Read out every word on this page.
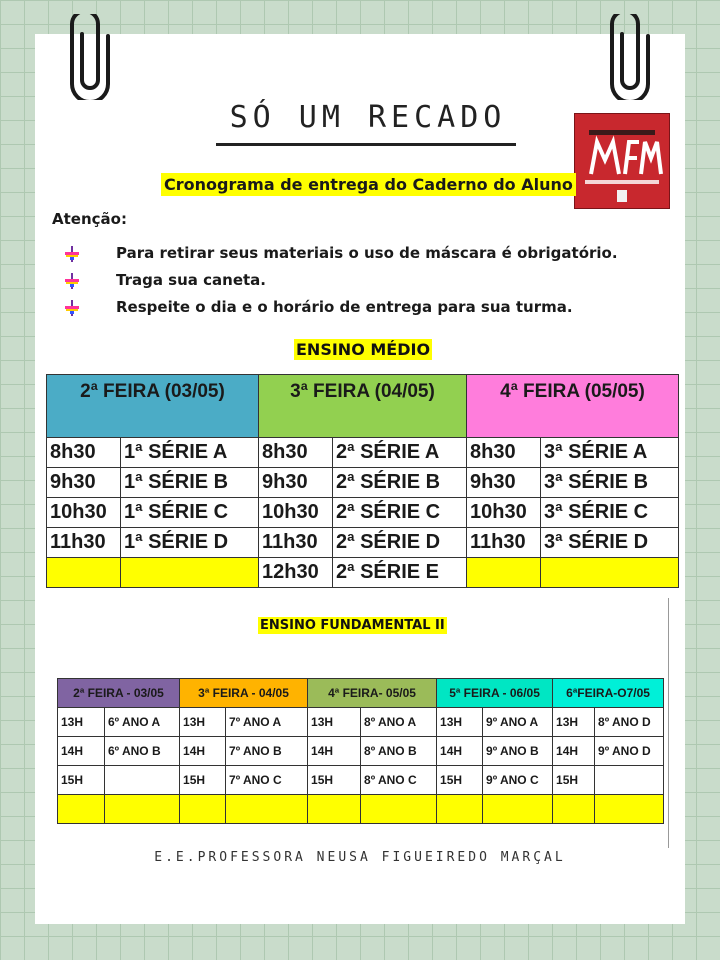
SÓ UM RECADO
Cronograma de entrega do Caderno do Aluno
Atenção:
Para retirar seus materiais o uso de máscara é obrigatório.
Traga sua caneta.
Respeite o dia e o horário de entrega para sua turma.
ENSINO MÉDIO
2ª FEIRA (03/05)		3ª FEIRA (04/05)		4ª FEIRA (05/05)	
8h30	1ª SÉRIE A	8h30	2ª SÉRIE A	8h30	3ª SÉRIE A
9h30	1ª SÉRIE B	9h30	2ª SÉRIE B	9h30	3ª SÉRIE B
10h30	1ª SÉRIE C	10h30	2ª SÉRIE C	10h30	3ª SÉRIE C
11h30	1ª SÉRIE D	11h30	2ª SÉRIE D	11h30	3ª SÉRIE D
		12h30	2ª SÉRIE E		
ENSINO FUNDAMENTAL II
2ª FEIRA - 03/05		3ª FEIRA - 04/05		4ª FEIRA- 05/05		5ª FEIRA - 06/05		6ªFEIRA-O7/05	
13H	6º ANO A	13H	7º ANO A	13H	8º ANO A	13H	9º ANO A	13H	8º ANO D
14H	6º ANO B	14H	7º ANO B	14H	8º ANO B	14H	9º ANO B	14H	9º ANO D
15H		15H	7º ANO C	15H	8º ANO C	15H	9º ANO C	15H	

E.E.PROFESSORA NEUSA FIGUEIREDO MARÇAL
